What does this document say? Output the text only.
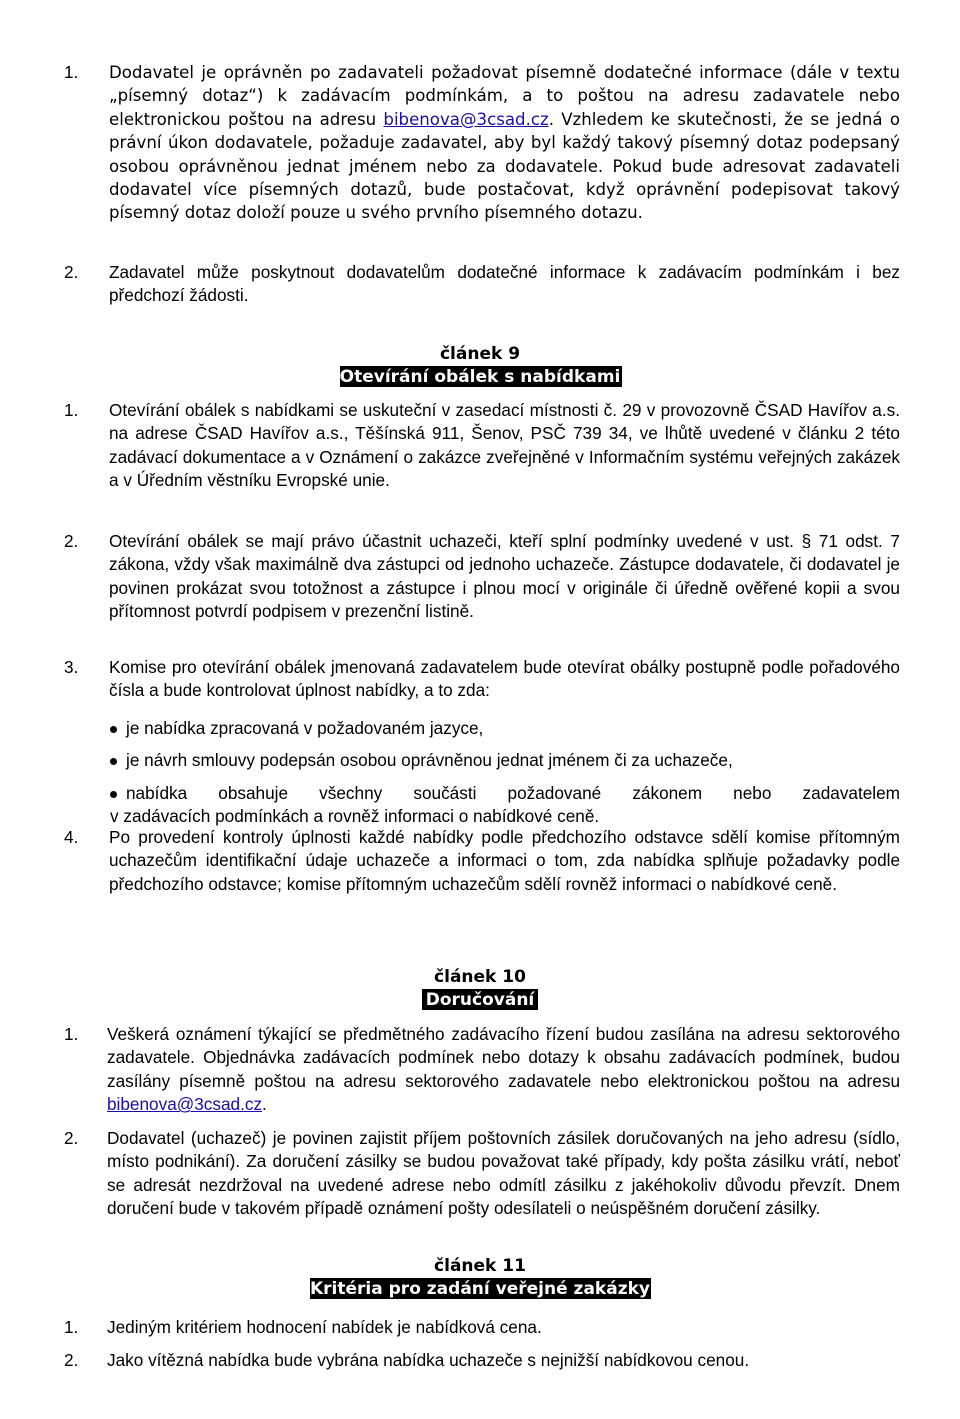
1. Dodavatel je oprávněn po zadavateli požadovat písemně dodatečné informace (dále v textu „písemný dotaz“) k zadávacím podmínkám, a to poštou na adresu zadavatele nebo elektronickou poštou na adresu bibenova@3csad.cz. Vzhledem ke skutečnosti, že se jedná o právní úkon dodavatele, požaduje zadavatel, aby byl každý takový písemný dotaz podepsaný osobou oprávněnou jednat jménem nebo za dodavatele. Pokud bude adresovat zadavateli dodavatel více písemných dotazů, bude postačovat, když oprávnění podepisovat takový písemný dotaz doloží pouze u svého prvního písemného dotazu.
2. Zadavatel může poskytnout dodavatelům dodatečné informace k zadávacím podmínkám i bez předchozí žádosti.
článek 9
Otevírání obálek s nabídkami
1. Otevírání obálek s nabídkami se uskuteční v zasedací místnosti č. 29 v provozovně ČSAD Havířov a.s. na adrese ČSAD Havířov a.s., Těšínská 911, Šenov, PSČ 739 34, ve lhůtě uvedené v článku 2 této zadávací dokumentace a v Oznámení o zakázce zveřejněné v Informačním systému veřejných zakázek a v Úředním věstníku Evropské unie.
2. Otevírání obálek se mají právo účastnit uchazeči, kteří splní podmínky uvedené v ust. § 71 odst. 7 zákona, vždy však maximálně dva zástupci od jednoho uchazeče. Zástupce dodavatele, či dodavatel je povinen prokázat svou totožnost a zástupce i plnou mocí v originále či úředně ověřené kopii a svou přítomnost potvrdí podpisem v prezenční listině.
3. Komise pro otevírání obálek jmenovaná zadavatelem bude otevírat obálky postupně podle pořadového čísla a bude kontrolovat úplnost nabídky, a to zda:
je nabídka zpracovaná v požadovaném jazyce,
je návrh smlouvy podepsán osobou oprávněnou jednat jménem či za uchazeče,
nabídka obsahuje všechny součásti požadované zákonem nebo zadavatelem
v zadávacích podmínkách a rovněž informaci o nabídkové ceně.
4. Po provedení kontroly úplnosti každé nabídky podle předchozího odstavce sdělí komise přítomným uchazečům identifikační údaje uchazeče a informaci o tom, zda nabídka splňuje požadavky podle předchozího odstavce; komise přítomným uchazečům sdělí rovněž informaci o nabídkové ceně.
článek 10
Doručování
1. Veškerá oznámení týkající se předmětného zadávacího řízení budou zasílána na adresu sektorového zadavatele. Objednávka zadávacích podmínek nebo dotazy k obsahu zadávacích podmínek, budou zasílány písemně poštou na adresu sektorového zadavatele nebo elektronickou poštou na adresu bibenova@3csad.cz.
2. Dodavatel (uchazeč) je povinen zajistit příjem poštovních zásilek doručovaných na jeho adresu (sídlo, místo podnikání). Za doručení zásilky se budou považovat také případy, kdy pošta zásilku vrátí, neboť se adresát nezdržoval na uvedené adrese nebo odmítl zásilku z jakéhokoliv důvodu převzít. Dnem doručení bude v takovém případě oznámení pošty odesílateli o neúspěšném doručení zásilky.
článek 11
Kritéria pro zadání veřejné zakázky
1. Jediným kritériem hodnocení nabídek je nabídková cena.
2. Jako vítězná nabídka bude vybrána nabídka uchazeče s nejnižší nabídkovou cenou.
